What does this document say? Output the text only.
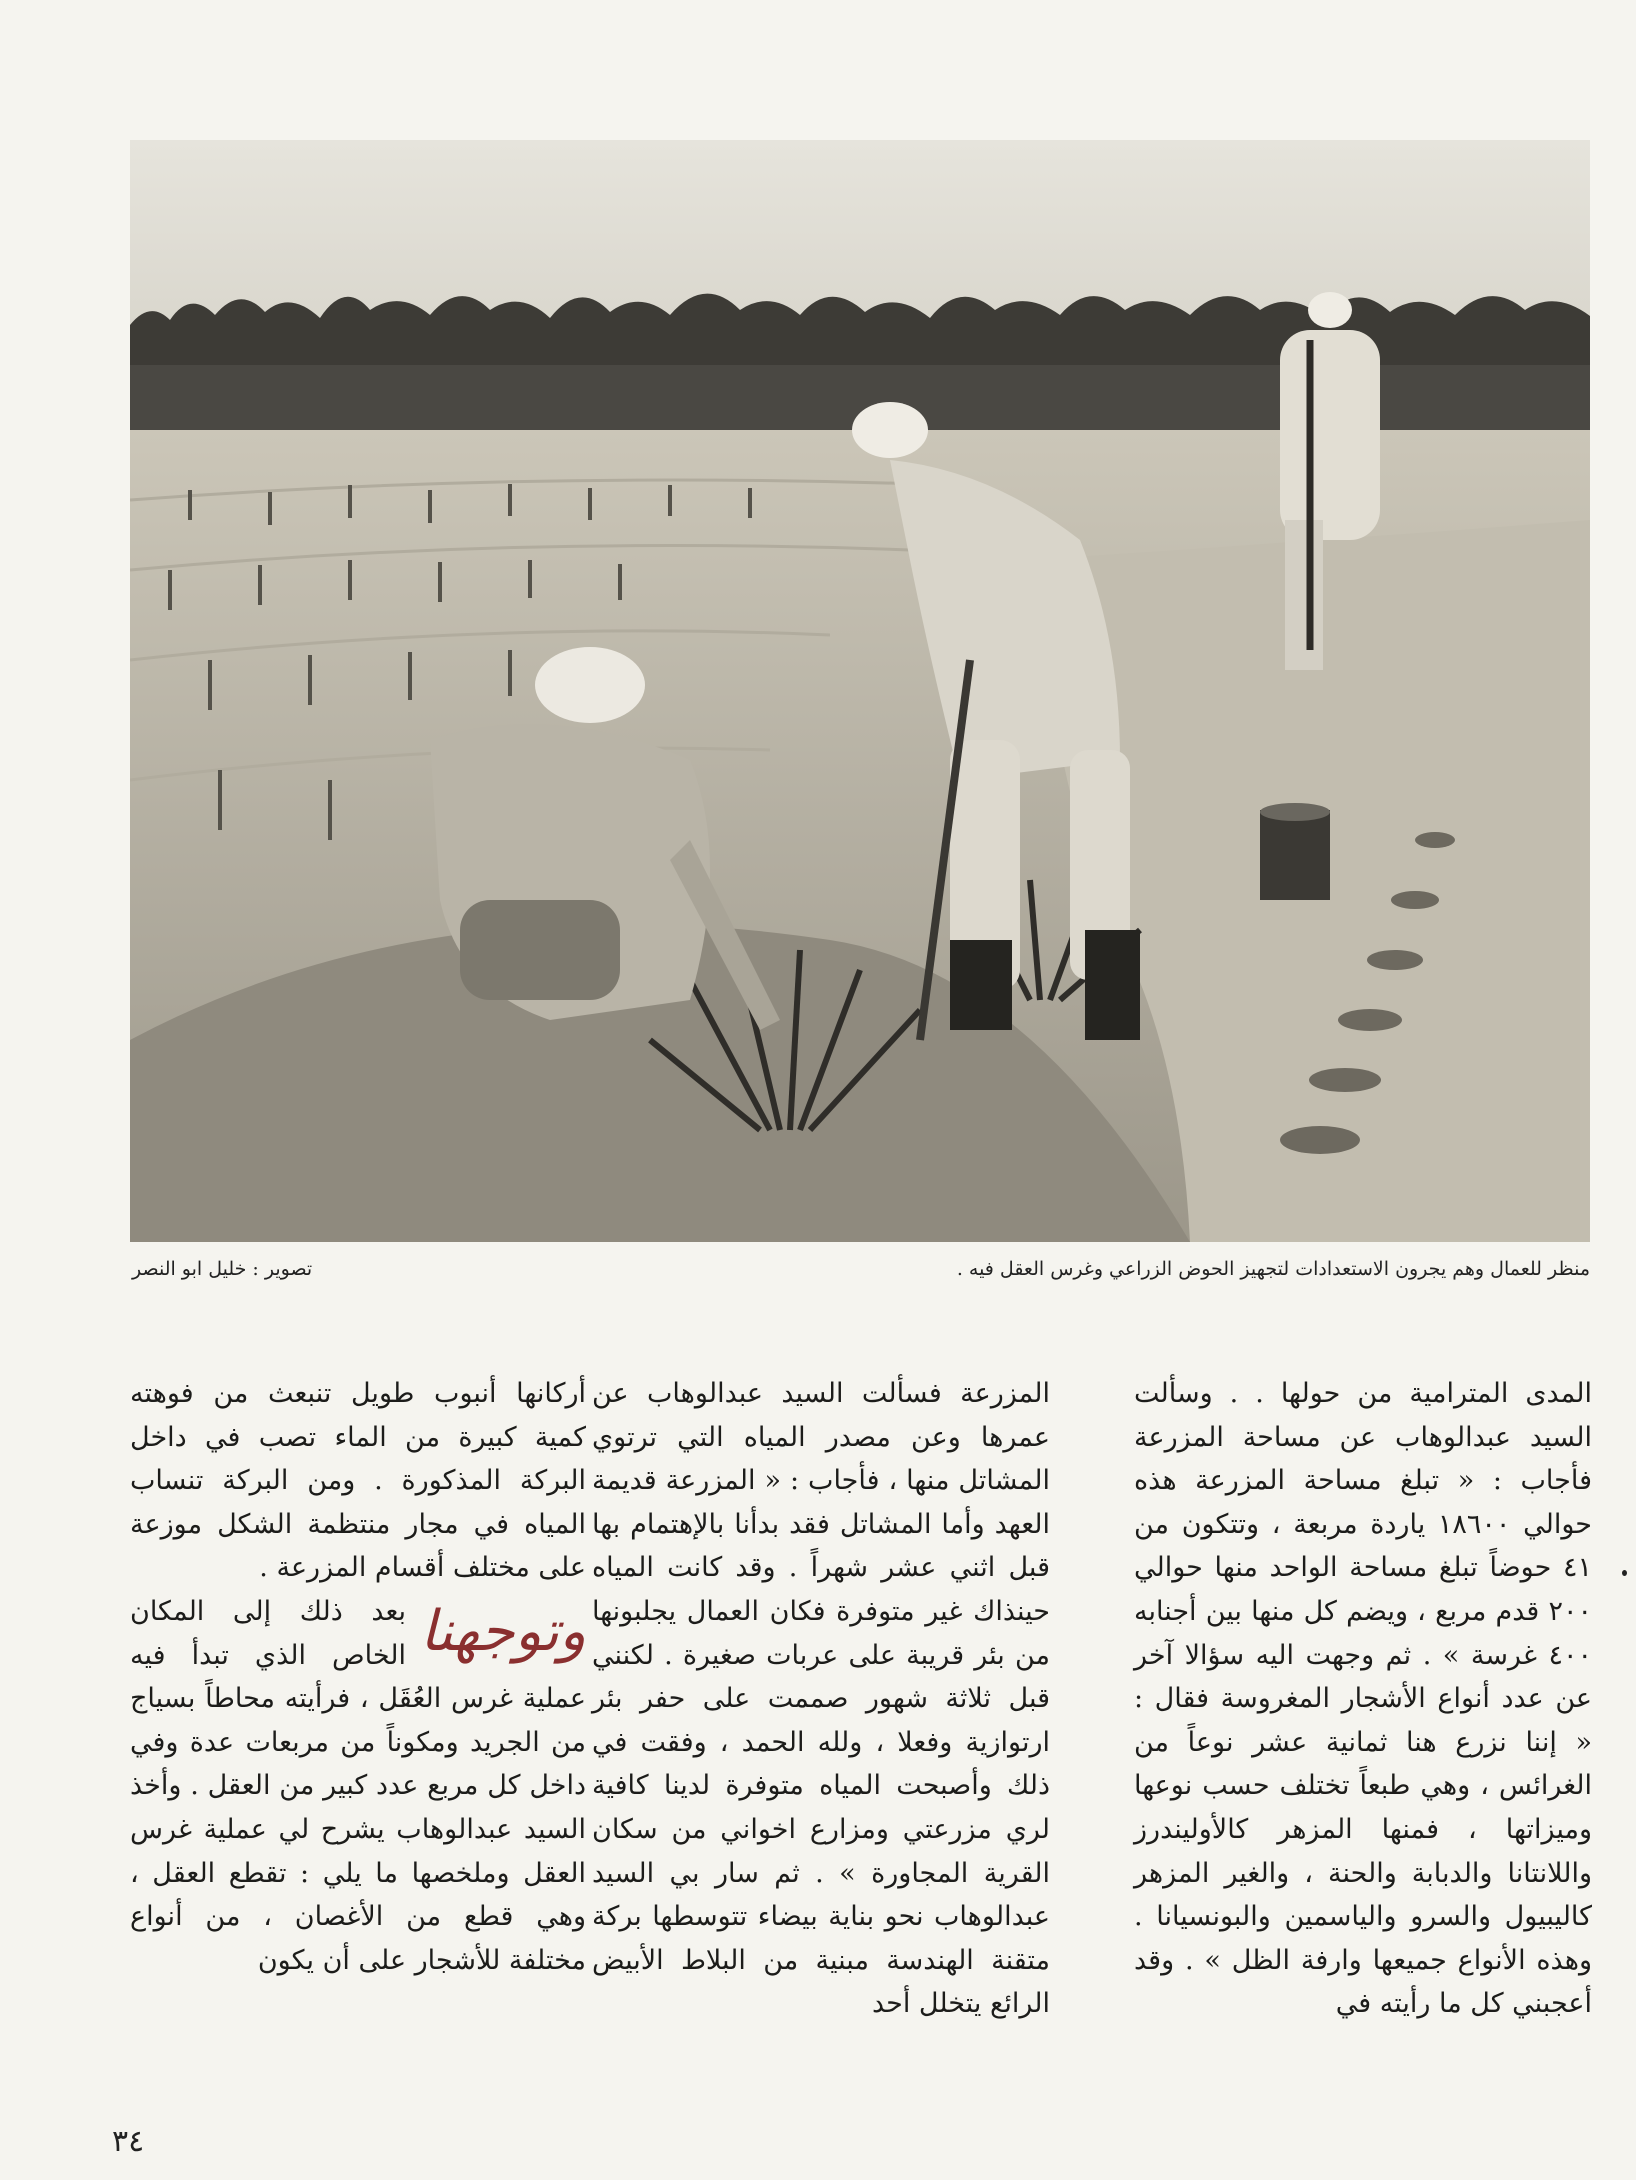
منظر للعمال وهم يجرون الاستعدادات لتجهيز الحوض الزراعي وغرس العقل فيه .
تصوير : خليل ابو النصر

المدى المترامية من حولها . . وسألت السيد عبدالوهاب عن مساحة المزرعة فأجاب : « تبلغ مساحة المزرعة هذه حوالي ١٨٦٠٠ ياردة مربعة ، وتتكون من ٤١ حوضاً تبلغ مساحة الواحد منها حوالي ٢٠٠ قدم مربع ، ويضم كل منها بين أجنابه ٤٠٠ غرسة » . ثم وجهت اليه سؤالا آخر عن عدد أنواع الأشجار المغروسة فقال : « إننا نزرع هنا ثمانية عشر نوعاً من الغرائس ، وهي طبعاً تختلف حسب نوعها وميزاتها ، فمنها المزهر كالأوليندرز واللانتانا والدبابة والحنة ، والغير المزهر كاليبيول والسرو والياسمين والبونسيانا . وهذه الأنواع جميعها وارفة الظل » . وقد أعجبني كل ما رأيته في

المزرعة فسألت السيد عبدالوهاب عن عمرها وعن مصدر المياه التي ترتوي المشاتل منها ، فأجاب : « المزرعة قديمة العهد وأما المشاتل فقد بدأنا بالإهتمام بها قبل اثني عشر شهراً . وقد كانت المياه حينذاك غير متوفرة فكان العمال يجلبونها من بئر قريبة على عربات صغيرة . لكنني قبل ثلاثة شهور صممت على حفر بئر ارتوازية وفعلا ، ولله الحمد ، وفقت في ذلك وأصبحت المياه متوفرة لدينا كافية لري مزرعتي ومزارع اخواني من سكان القرية المجاورة » . ثم سار بي السيد عبدالوهاب نحو بناية بيضاء تتوسطها بركة متقنة الهندسة مبنية من البلاط الأبيض الرائع يتخلل أحد

أركانها أنبوب طويل تنبعث من فوهته كمية كبيرة من الماء تصب في داخل البركة المذكورة . ومن البركة تنساب المياه في مجار منتظمة الشكل موزعة على مختلف أقسام المزرعة .

وتوجهنا
بعد ذلك إلى المكان الخاص الذي تبدأ فيه عملية غرس العُقَل ، فرأيته محاطاً بسياج من الجريد ومكوناً من مربعات عدة وفي داخل كل مربع عدد كبير من العقل . وأخذ السيد عبدالوهاب يشرح لي عملية غرس العقل وملخصها ما يلي : تقطع العقل ، وهي قطع من الأغصان ، من أنواع مختلفة للأشجار على أن يكون

٣٤
